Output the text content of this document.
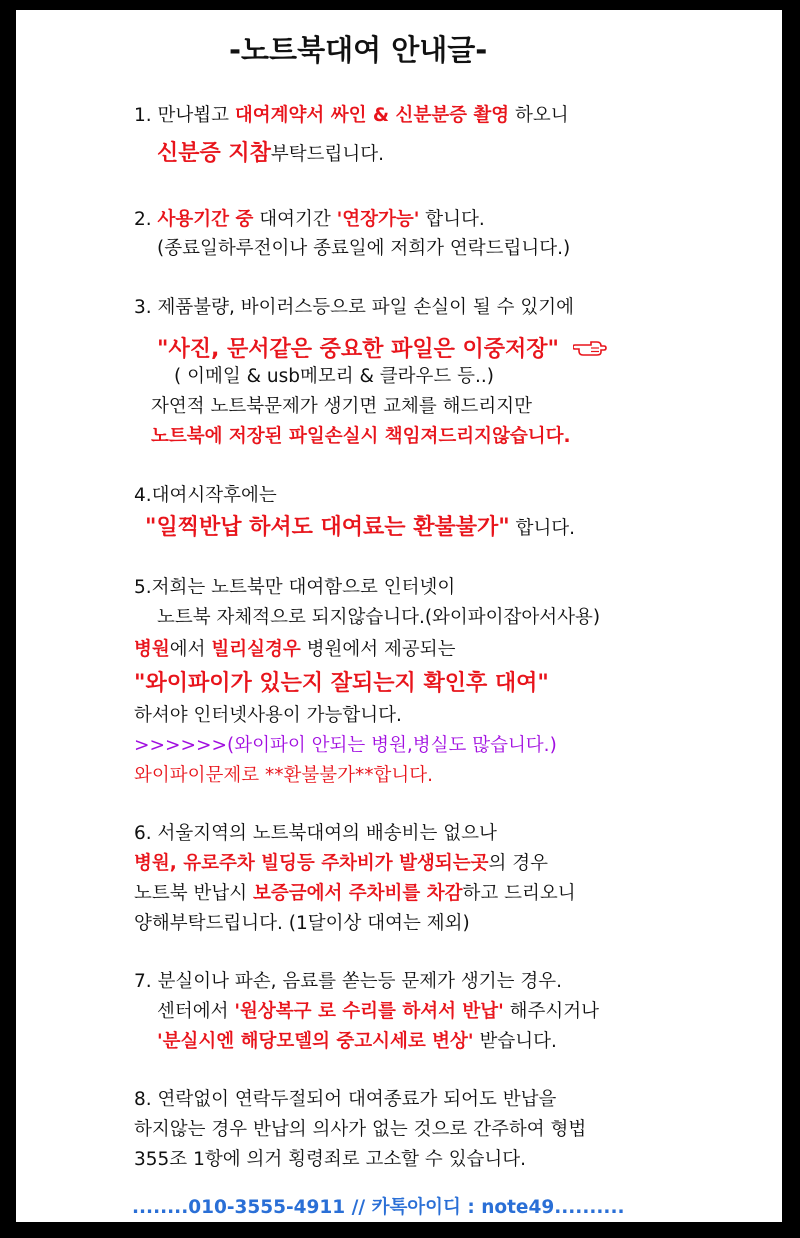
-노트북대여 안내글-
1. 만나뵙고 대여계약서 싸인 & 신분분증 촬영 하오니
신분증 지참부탁드립니다.
2. 사용기간 중 대여기간 '연장가능' 합니다.
(종료일하루전이나 종료일에 저희가 연락드립니다.)
3. 제품불량, 바이러스등으로 파일 손실이 될 수 있기에
"사진, 문서같은 중요한 파일은 이중저장"
( 이메일 & usb메모리 & 클라우드 등..)
자연적 노트북문제가 생기면 교체를 해드리지만
노트북에 저장된 파일손실시 책임져드리지않습니다.
4.대여시작후에는
"일찍반납 하셔도 대여료는 환불불가" 합니다.
5.저희는 노트북만 대여함으로 인터넷이
노트북 자체적으로 되지않습니다.(와이파이잡아서사용)
병원에서 빌리실경우 병원에서 제공되는
"와이파이가 있는지 잘되는지 확인후 대여"
하셔야 인터넷사용이 가능합니다.
>>>>>>(와이파이 안되는 병원,병실도 많습니다.)
와이파이문제로 **환불불가**합니다.
6. 서울지역의 노트북대여의 배송비는 없으나
병원, 유로주차 빌딩등 주차비가 발생되는곳의 경우
노트북 반납시 보증금에서 주차비를 차감하고 드리오니
양해부탁드립니다. (1달이상 대여는 제외)
7. 분실이나 파손, 음료를 쏟는등 문제가 생기는 경우.
센터에서 '원상복구 로 수리를 하셔서 반납' 해주시거나
'분실시엔 해당모델의 중고시세로 변상' 받습니다.
8. 연락없이 연락두절되어 대여종료가 되어도 반납을
하지않는 경우 반납의 의사가 없는 것으로 간주하여 형법
355조 1항에 의거 횡령죄로 고소할 수 있습니다.
........010-3555-4911 // 카톡아이디 : note49..........
